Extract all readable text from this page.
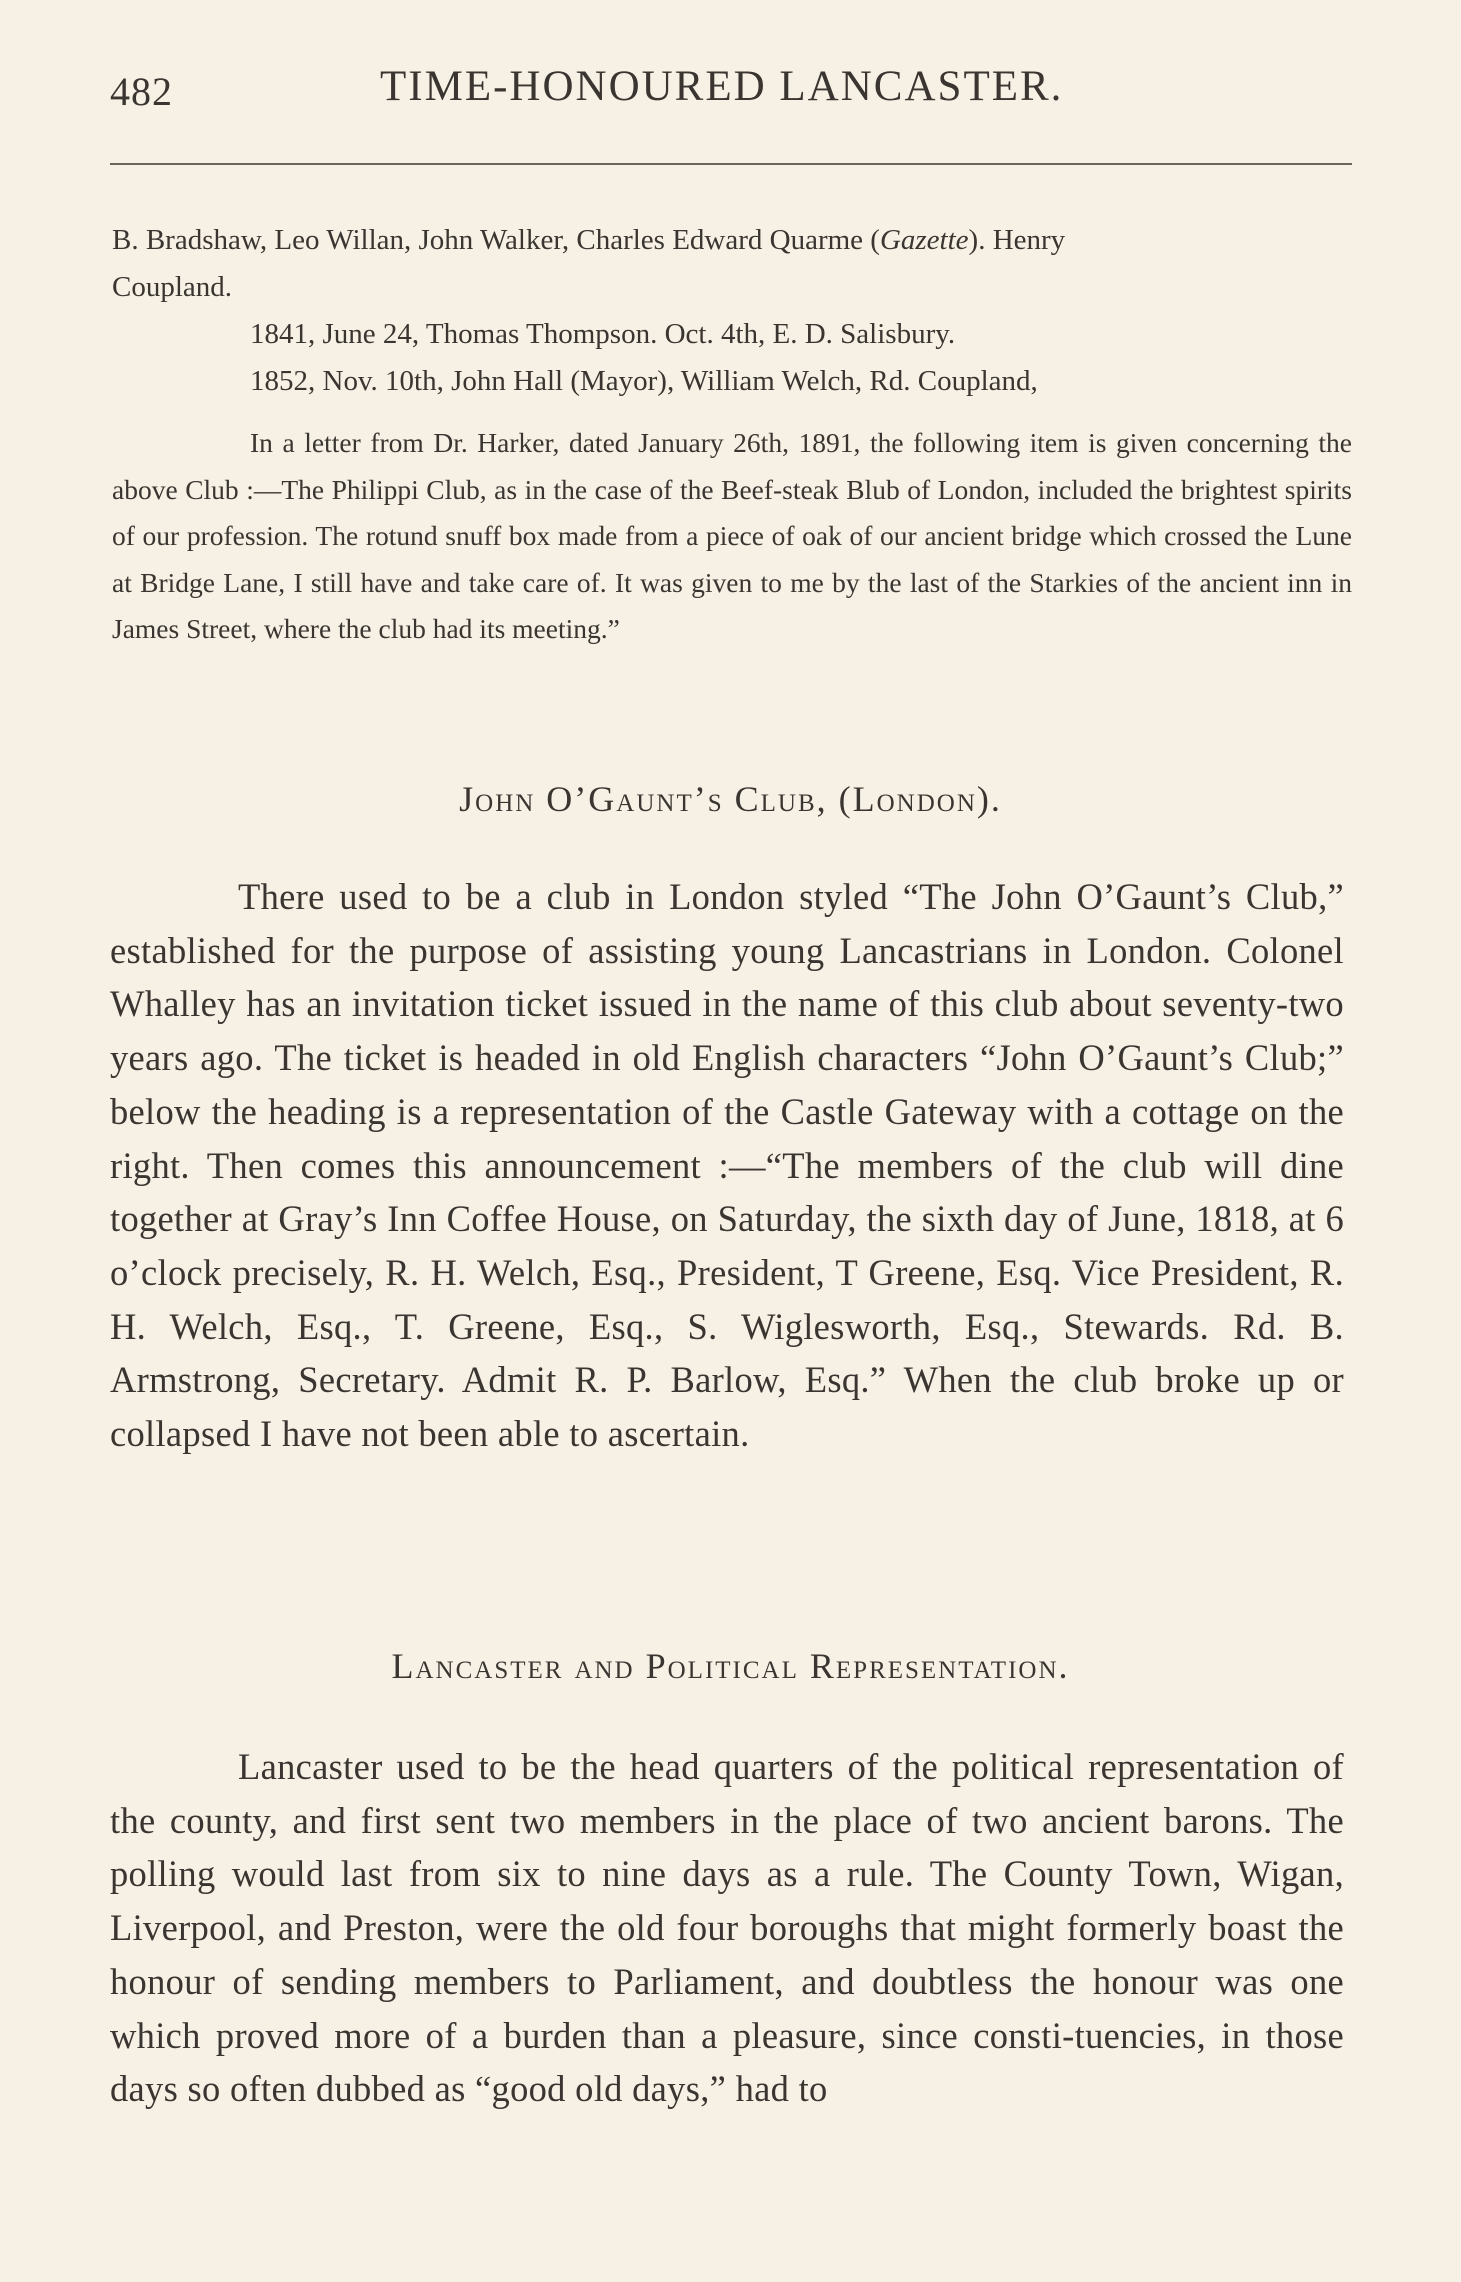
482	TIME-HONOURED LANCASTER.

B. Bradshaw, Leo Willan, John Walker, Charles Edward Quarme (Gazette). Henry

Coupland.

1841, June 24, Thomas Thompson. Oct. 4th, E. D. Salisbury.

1852, Nov. 10th, John Hall (Mayor), William Welch, Rd. Coupland,

In a letter from Dr. Harker, dated January 26th, 1891, the following item is given concerning the above Club :—The Philippi Club, as in the case of the Beef-steak Blub of London, included the brightest spirits of our profession. The rotund snuff box made from a piece of oak of our ancient bridge which crossed the Lune at Bridge Lane, I still have and take care of. It was given to me by the last of the Starkies of the ancient inn in James Street, where the club had its meeting.”

John O’Gaunt’s Club, (London).

There used to be a club in London styled “The John O’Gaunt’s Club,” established for the purpose of assisting young Lancastrians in London. Colonel Whalley has an invitation ticket issued in the name of this club about seventy-two years ago. The ticket is headed in old English characters “John O’Gaunt’s Club;” below the heading is a representation of the Castle Gateway with a cottage on the right. Then comes this announcement :—“The members of the club will dine together at Gray’s Inn Coffee House, on Saturday, the sixth day of June, 1818, at 6 o’clock precisely, R. H. Welch, Esq., President, T Greene, Esq. Vice President, R. H. Welch, Esq., T. Greene, Esq., S. Wiglesworth, Esq., Stewards. Rd. B. Armstrong, Secretary. Admit R. P. Barlow, Esq.” When the club broke up or collapsed I have not been able to ascertain.

Lancaster and Political Representation.

Lancaster used to be the head quarters of the political representation of the county, and first sent two members in the place of two ancient barons. The polling would last from six to nine days as a rule. The County Town, Wigan, Liverpool, and Preston, were the old four boroughs that might formerly boast the honour of sending members to Parliament, and doubtless the honour was one which proved more of a burden than a pleasure, since consti-tuencies, in those days so often dubbed as “good old days,” had to
